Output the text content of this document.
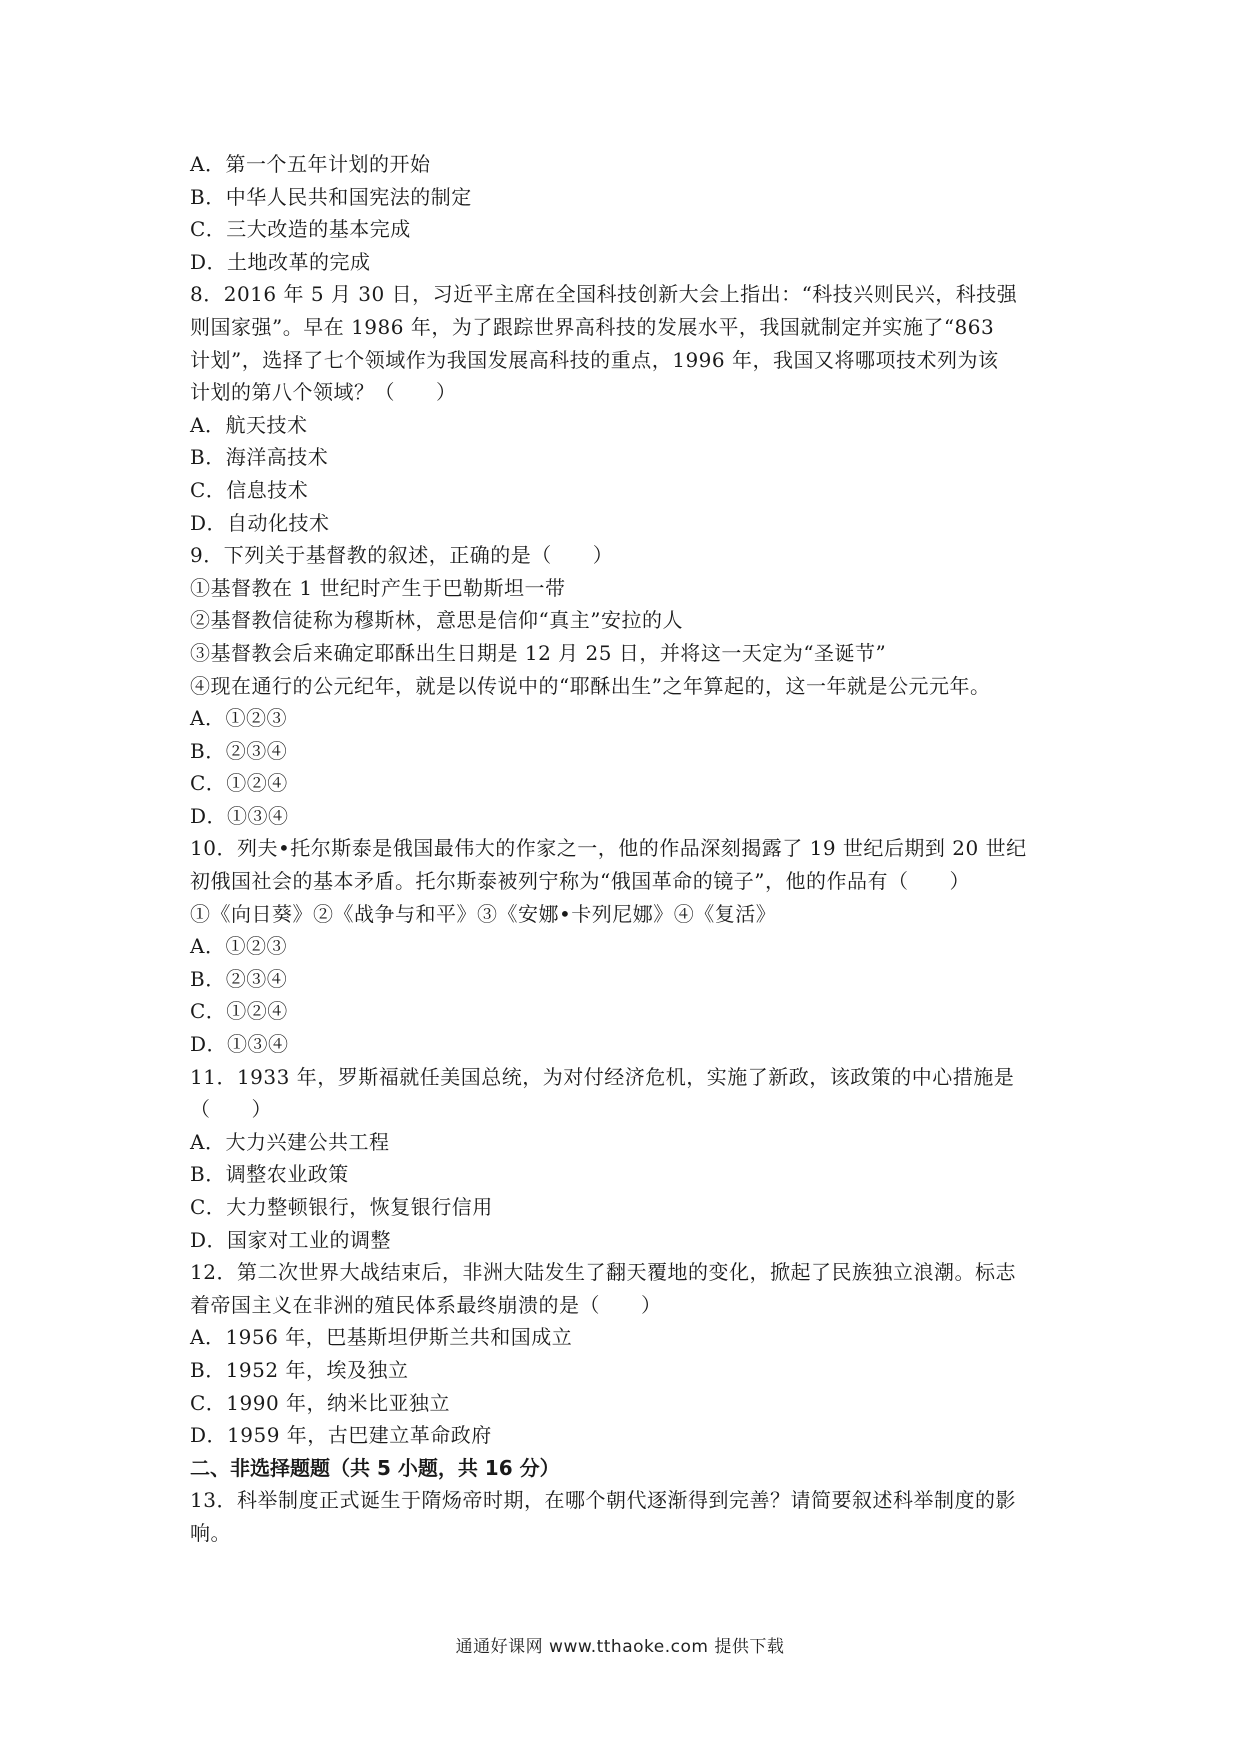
A．第一个五年计划的开始
B．中华人民共和国宪法的制定
C．三大改造的基本完成
D．土地改革的完成
8．2016 年 5 月 30 日，习近平主席在全国科技创新大会上指出：“科技兴则民兴，科技强
则国家强”。早在 1986 年，为了跟踪世界高科技的发展水平，我国就制定并实施了“863
计划”，选择了七个领域作为我国发展高科技的重点，1996 年，我国又将哪项技术列为该
计划的第八个领域？（　　）
A．航天技术
B．海洋高技术
C．信息技术
D．自动化技术
9．下列关于基督教的叙述，正确的是（　　）
①基督教在 1 世纪时产生于巴勒斯坦一带
②基督教信徒称为穆斯林，意思是信仰“真主”安拉的人
③基督教会后来确定耶酥出生日期是 12 月 25 日，并将这一天定为“圣诞节”
④现在通行的公元纪年，就是以传说中的“耶酥出生”之年算起的，这一年就是公元元年。
A．①②③
B．②③④
C．①②④
D．①③④
10．列夫•托尔斯泰是俄国最伟大的作家之一，他的作品深刻揭露了 19 世纪后期到 20 世纪
初俄国社会的基本矛盾。托尔斯泰被列宁称为“俄国革命的镜子”，他的作品有（　　）
①《向日葵》②《战争与和平》③《安娜•卡列尼娜》④《复活》
A．①②③
B．②③④
C．①②④
D．①③④
11．1933 年，罗斯福就任美国总统，为对付经济危机，实施了新政，该政策的中心措施是
（　　）
A．大力兴建公共工程
B．调整农业政策
C．大力整顿银行，恢复银行信用
D．国家对工业的调整
12．第二次世界大战结束后，非洲大陆发生了翻天覆地的变化，掀起了民族独立浪潮。标志
着帝国主义在非洲的殖民体系最终崩溃的是（　　）
A．1956 年，巴基斯坦伊斯兰共和国成立
B．1952 年，埃及独立
C．1990 年，纳米比亚独立
D．1959 年，古巴建立革命政府
二、非选择题题（共 5 小题，共 16 分）
13．科举制度正式诞生于隋炀帝时期，在哪个朝代逐渐得到完善？请简要叙述科举制度的影
响。
通通好课网 www.tthaoke.com 提供下载
